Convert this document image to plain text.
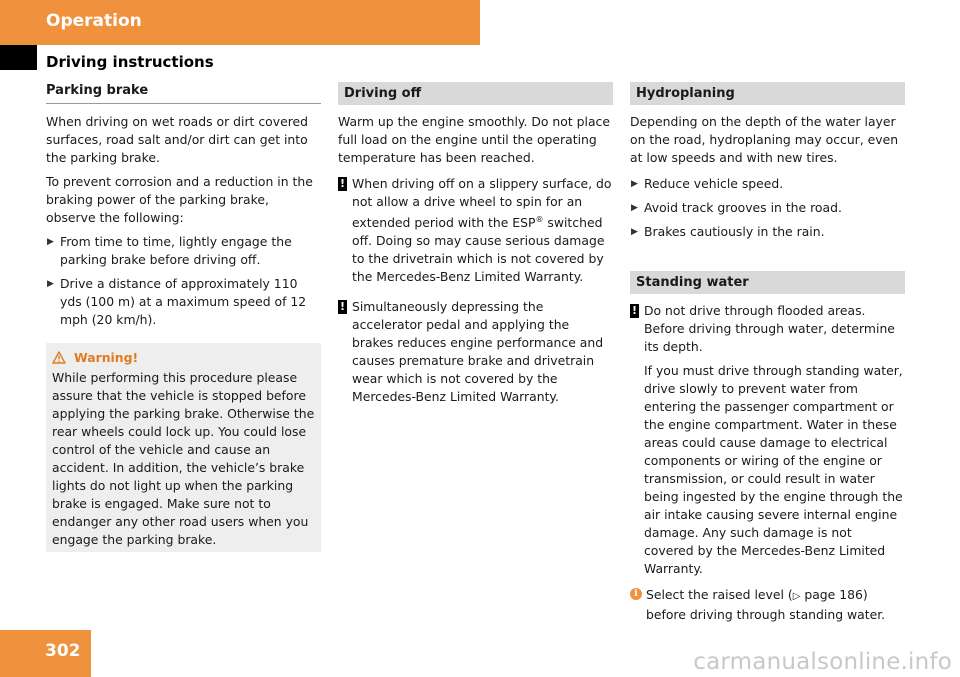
Operation
Driving instructions
Parking brake

When driving on wet roads or dirt covered surfaces, road salt and/or dirt can get into the parking brake.

To prevent corrosion and a reduction in the braking power of the parking brake, observe the following:

▶ From time to time, lightly engage the parking brake before driving off.
▶ Drive a distance of approximately 110 yds (100 m) at a maximum speed of 12 mph (20 km/h).
Warning!

While performing this procedure please assure that the vehicle is stopped before applying the parking brake. Otherwise the rear wheels could lock up. You could lose control of the vehicle and cause an accident. In addition, the vehicle’s brake lights do not light up when the parking brake is engaged. Make sure not to endanger any other road users when you engage the parking brake.

Driving off

Warm up the engine smoothly. Do not place full load on the engine until the operating temperature has been reached.

! When driving off on a slippery surface, do not allow a drive wheel to spin for an extended period with the ESP® switched off. Doing so may cause serious damage to the drivetrain which is not covered by the Mercedes-Benz Limited Warranty.
! Simultaneously depressing the accelerator pedal and applying the brakes reduces engine performance and causes premature brake and drivetrain wear which is not covered by the Mercedes-Benz Limited Warranty.
Hydroplaning

Depending on the depth of the water layer on the road, hydroplaning may occur, even at low speeds and with new tires.

▶ Reduce vehicle speed.
▶ Avoid track grooves in the road.
▶ Brakes cautiously in the rain.
Standing water
! Do not drive through flooded areas. Before driving through water, determine its depth.

If you must drive through standing water, drive slowly to prevent water from entering the passenger compartment or the engine compartment. Water in these areas could cause damage to electrical components or wiring of the engine or transmission, or could result in water being ingested by the engine through the air intake causing severe internal engine damage. Any such damage is not covered by the Mercedes-Benz Limited Warranty.

i Select the raised level (▷ page 186) before driving through standing water.
302	carmanualsonline.info
